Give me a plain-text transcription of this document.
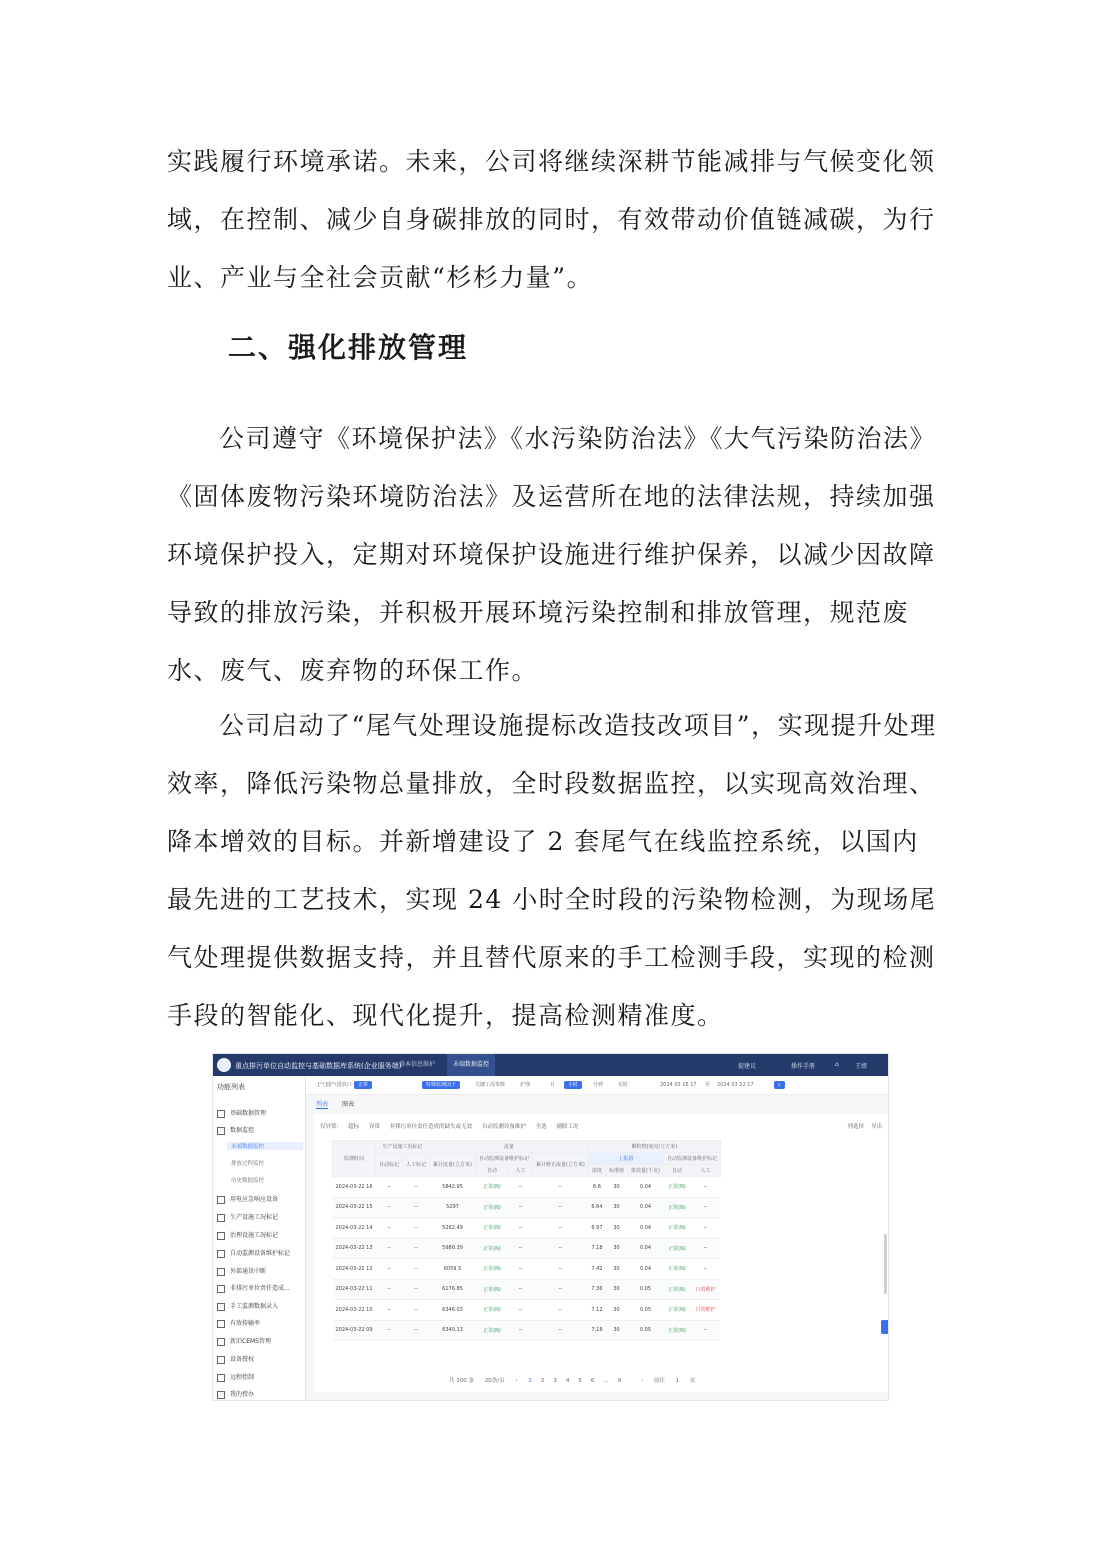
实践履行环境承诺。未来，公司将继续深耕节能减排与气候变化领域，在控制、减少自身碳排放的同时，有效带动价值链减碳，为行业、产业与全社会贡献“杉杉力量”。

二、强化排放管理

公司遵守《环境保护法》《水污染防治法》《大气污染防治法》《固体废物污染环境防治法》及运营所在地的法律法规，持续加强环境保护投入，定期对环境保护设施进行维护保养，以减少因故障导致的排放污染，并积极开展环境污染控制和排放管理，规范废水、废气、废弃物的环保工作。

公司启动了“尾气处理设施提标改造技改项目”，实现提升处理效率，降低污染物总量排放，全时段数据监控，以实现高效治理、降本增效的目标。并新增建设了 2 套尾气在线监控系统，以国内最先进的工艺技术，实现 24 小时全时段的污染物检测，为现场尾气处理提供数据支持，并且替代原来的手工检测手段，实现的检测手段的智能化、现代化提升，提高检测精准度。

重点排污单位自动监控与基础数据库系统(企业服务端)
基本信息维护	未端数据监控	提建议	操作手册	⌂	王姐
功能列表
基础数据管理
数据监控
末端数据监控
排放过程监控
历史数据监控
用电应急响应设备
生产设施工况标记
治理设施工况标记
自动监测设备维护标记
外部通讯中断
非排污单位责任造成...
手工监测数据录入
有效传输率
新旧CEMS管理
设备授权
远程控制
我的授办
[气]废气排放口	正常	特殊监测因子	关键工况参数	护理	日	小时	分钟	实时	2024 03 15 17	至	2024 03 22 17	⌕
列表 图表
仅异常: 超标 异常 非排污单位责任造成的缺失或无效 自动监测设备维护 全选 剔除工况	列选择 导出
监测时间	生产设施工况标记		流量				颗粒物(毫克/立方米)				
	自动标记	人工标记	累计流量(立方米)	自动监测设备维护标记		累计修正流量(立方米)	上报值			自动监测设备维护标记	
				自动	人工		浓度	标准值	排放量(千克)	自动	人工
2024-03-22 16	--	--	5842.95	正常(N)	--	--	6.6	30	0.04	正常(N)	--
2024-03-22 15	--	--	5297	正常(N)	--	--	6.64	30	0.04	正常(N)	--
2024-03-22 14	--	--	5262.49	正常(N)	--	--	6.97	30	0.04	正常(N)	--
2024-03-22 13	--	--	5980.39	正常(N)	--	--	7.18	30	0.04	正常(N)	--
2024-03-22 12	--	--	6059.5	正常(N)	--	--	7.42	30	0.04	正常(N)	--
2024-03-22 11	--	--	6176.85	正常(N)	--	--	7.36	30	0.05	正常(N)	日常维护
2024-03-22 10	--	--	6346.03	正常(N)	--	--	7.12	30	0.05	正常(N)	日常维护
2024-03-22 09	--	--	6340.13	正常(N)	--	--	7.18	30	0.05	正常(N)	--
共 100 条 20条/页 ‹ 1 2 3 4 5 6 ... 9	› 前往 1 页
